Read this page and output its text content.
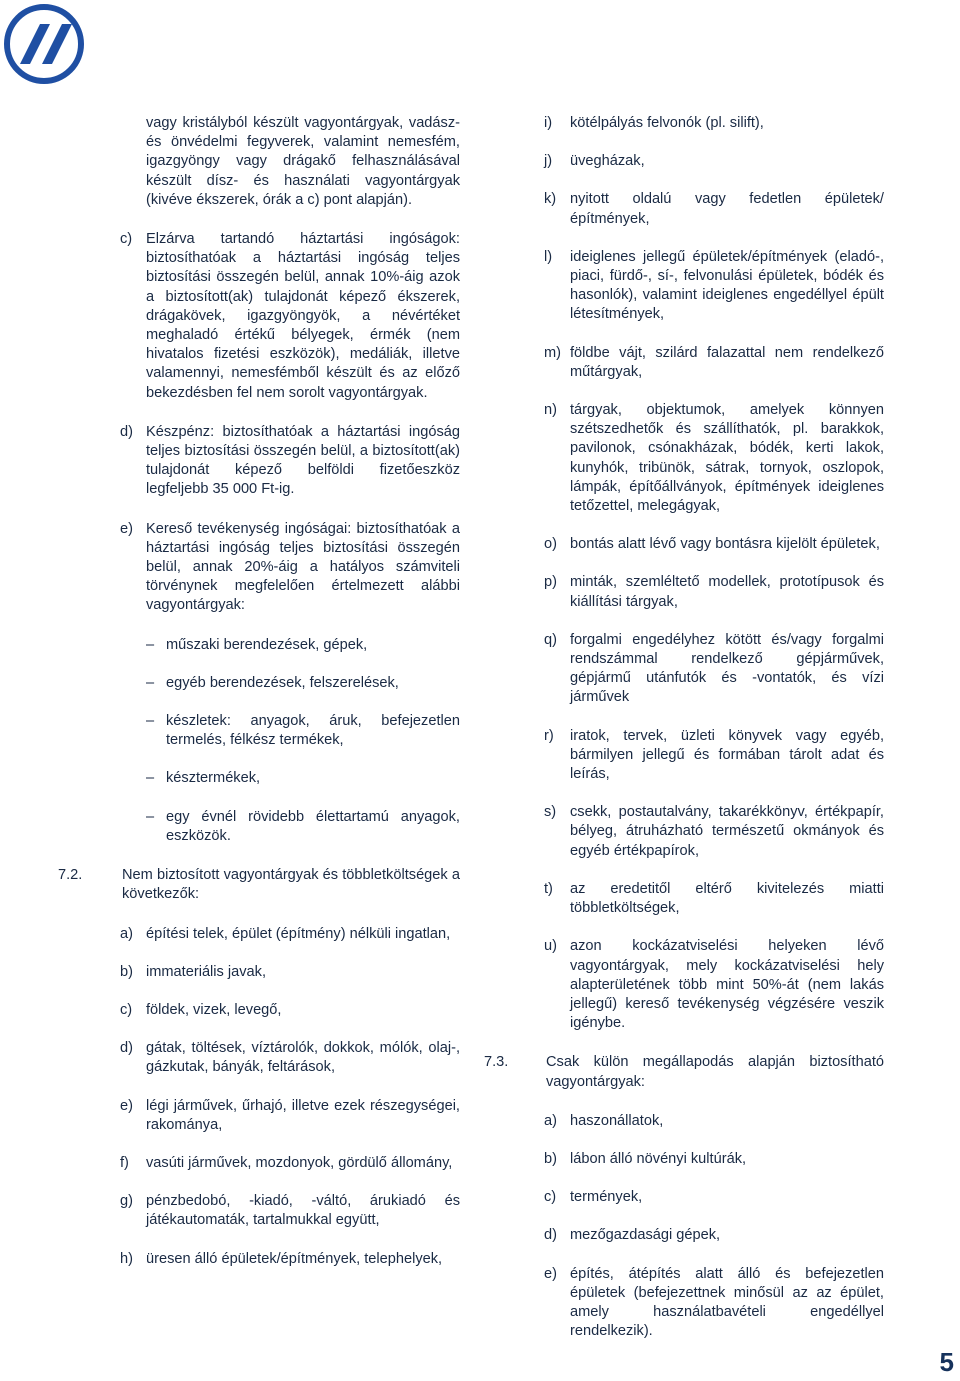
vagy kristályból készült vagyontárgyak, vadász- és önvédelmi fegyverek, valamint nemesfém, igazgyöngy vagy drágakő felhasználásával készült dísz- és használati vagyontárgyak (kivéve ékszerek, órák a c) pont alapján).

c) Elzárva tartandó háztartási ingóságok: biztosíthatóak a háztartási ingóság teljes biztosítási összegén belül, annak 10%-áig azok a biztosított(ak) tulajdonát képező ékszerek, drágakövek, igazgyöngyök, a névértéket meghaladó értékű bélyegek, érmék (nem hivatalos fizetési eszközök), medáliák, illetve valamennyi, nemesfémből készült és az előző bekezdésben fel nem sorolt vagyontárgyak.

d) Készpénz: biztosíthatóak a háztartási ingóság teljes biztosítási összegén belül, a biztosított(ak) tulajdonát képező belföldi fizetőeszköz legfeljebb 35 000 Ft-ig.

e) Kereső tevékenység ingóságai: biztosíthatóak a háztartási ingóság teljes biztosítási összegén belül, annak 20%-áig a hatályos számviteli törvénynek megfelelően értelmezett alábbi vagyontárgyak:

– műszaki berendezések, gépek,

– egyéb berendezések, felszerelések,

– készletek: anyagok, áruk, befejezetlen termelés, félkész termékek,

– késztermékek,

– egy évnél rövidebb élettartamú anyagok, eszközök.

7.2.	Nem biztosított vagyontárgyak és többletköltségek a következők:

a) építési telek, épület (építmény) nélküli ingatlan,

b) immateriális javak,

c) földek, vizek, levegő,

d) gátak, töltések, víztárolók, dokkok, mólók, olaj-, gázkutak, bányák, feltárások,

e) légi járművek, űrhajó, illetve ezek részegységei, rakománya,

f) vasúti járművek, mozdonyok, gördülő állomány,

g) pénzbedobó, -kiadó, -váltó, árukiadó és játékautomaták, tartalmukkal együtt,

h) üresen álló épületek/építmények, telephelyek,

i) kötélpályás felvonók (pl. silift),

j) üvegházak,

k) nyitott oldalú vagy fedetlen épületek/építmények,

l) ideiglenes jellegű épületek/építmények (eladó-, piaci, fürdő-, sí-, felvonulási épületek, bódék és hasonlók), valamint ideiglenes engedéllyel épült létesítmények,

m) földbe vájt, szilárd falazattal nem rendelkező műtárgyak,

n) tárgyak, objektumok, amelyek könnyen szétszedhetők és szállíthatók, pl. barakkok, pavilonok, csónakházak, bódék, kerti lakok, kunyhók, tribünök, sátrak, tornyok, oszlopok, lámpák, építőállványok, építmények ideiglenes tetőzettel, melegágyak,

o) bontás alatt lévő vagy bontásra kijelölt épületek,

p) minták, szemléltető modellek, prototípusok és kiállítási tárgyak,

q) forgalmi engedélyhez kötött és/vagy forgalmi rendszámmal rendelkező gépjárművek, gépjármű utánfutók és -vontatók, és vízi járművek

r) iratok, tervek, üzleti könyvek vagy egyéb, bármilyen jellegű és formában tárolt adat és leírás,

s) csekk, postautalvány, takarékkönyv, értékpapír, bélyeg, átruházható természetű okmányok és egyéb értékpapírok,

t) az eredetitől eltérő kivitelezés miatti többletköltségek,

u) azon kockázatviselési helyeken lévő vagyontárgyak, mely kockázatviselési hely alapterületének több mint 50%-át (nem lakás jellegű) kereső tevékenység végzésére veszik igénybe.

7.3.	Csak külön megállapodás alapján biztosítható vagyontárgyak:

a) haszonállatok,

b) lábon álló növényi kultúrák,

c) termények,

d) mezőgazdasági gépek,

e) építés, átépítés alatt álló és befejezetlen épületek (befejezettnek minősül az az épület, amely használatbavételi engedéllyel rendelkezik).

5
